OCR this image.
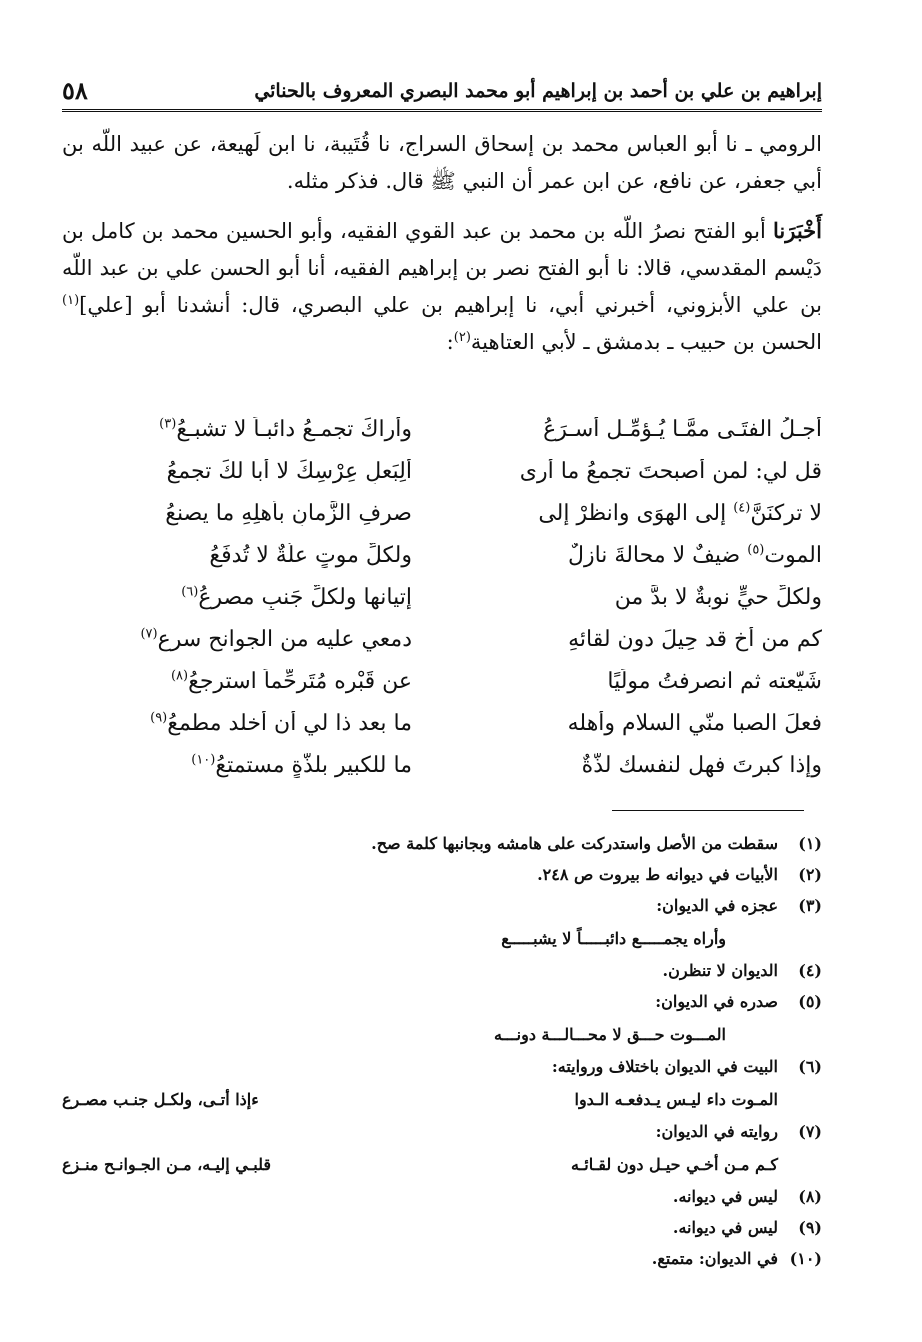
إبراهيم بن علي بن أحمد بن إبراهيم أبو محمد البصري المعروف بالحنائي
٥٨

الرومي ـ نا أبو العباس محمد بن إسحاق السراج، نا قُتَيبة، نا ابن لَهيعة، عن عبيد اللّه بن أبي جعفر، عن نافع، عن ابن عمر أن النبي ﷺ قال. فذكر مثله.

أَخْبَرَنا أبو الفتح نصرُ اللّه بن محمد بن عبد القوي الفقيه، وأبو الحسين محمد بن كامل بن دَيْسم المقدسي، قالا: نا أبو الفتح نصر بن إبراهيم الفقيه، أنا أبو الحسن علي بن عبد اللّه بن علي الأبزوني، أخبرني أبي، نا إبراهيم بن علي البصري، قال: أنشدنا أبو [علي]$^{(١)}$ الحسن بن حبيب ـ بدمشق ـ لأبي العتاهية$^{(٢)}$:

أجـلُ الفتَـى ممَّـا يُـؤمِّـل أسـرَعُ
وأراكَ تجمـعُ دائبـاً لا تشبـعُ$^{(٣)}$
قل لي: لمن أصبحتَ تجمعُ ما أرى
ألِبَعلِ عِرْسِكَ لا أبا لكَ تجمعُ
لا تركنَنَّ$^{(٤)}$ إلى الهوَى وانظرْ إلى
صرفِ الزَّمانِ بأهلِهِ ما يصنعُ
الموت$^{(٥)}$ ضيفٌ لا محالةَ نازلٌ
ولكلِّ موتٍ علّةٌ لا تُدفَعُ
ولكلِّ حيٍّ نوبةٌ لا بدَّ من
إتيانها ولكلِّ جَنبٍ مصرعُ$^{(٦)}$
كم من أخٍ قد حِيلَ دون لقائهِ
دمعي عليه من الجوانح سرع$^{(٧)}$
شَيّعته ثم انصرفتُ مولِّيًا
عن قَبْرِه مُتَرحِّماً استرجعُ$^{(٨)}$
فعلَ الصبا منّي السلام وأهله
ما بعد ذا لي أن أخلد مطمعُ$^{(٩)}$
وإذا كبرتَ فهل لنفسك لذّةٌ
ما للكبيرِ بلذّةٍ مستمتعُ$^{(١٠)}$
(١)
سقطت من الأصل واستدركت على هامشه وبجانبها كلمة صح.
(٢)
الأبيات في ديوانه ط بيروت ص ٢٤٨.
(٣)
عجزه في الديوان:
وأراه يجمـــــع دائبـــــاً لا يشبـــــع
(٤)
الديوان لا تنظرن.
(٥)
صدره في الديوان:
المـــوت حـــق لا محـــالـــة دونـــه
(٦)
البيت في الديوان باختلاف وروايته:
المـوت داء ليـس يـدفعـه الـدوا
ءإذا أتـى، ولكـل جنـب مصـرع
(٧)
روايته في الديوان:
كـم مـن أخـي حيـل دون لقـائـه
قلبـي إليـه، مـن الجـوانـح منـزع
(٨)
ليس في ديوانه.
(٩)
ليس في ديوانه.
(١٠)
في الديوان: متمتع.
